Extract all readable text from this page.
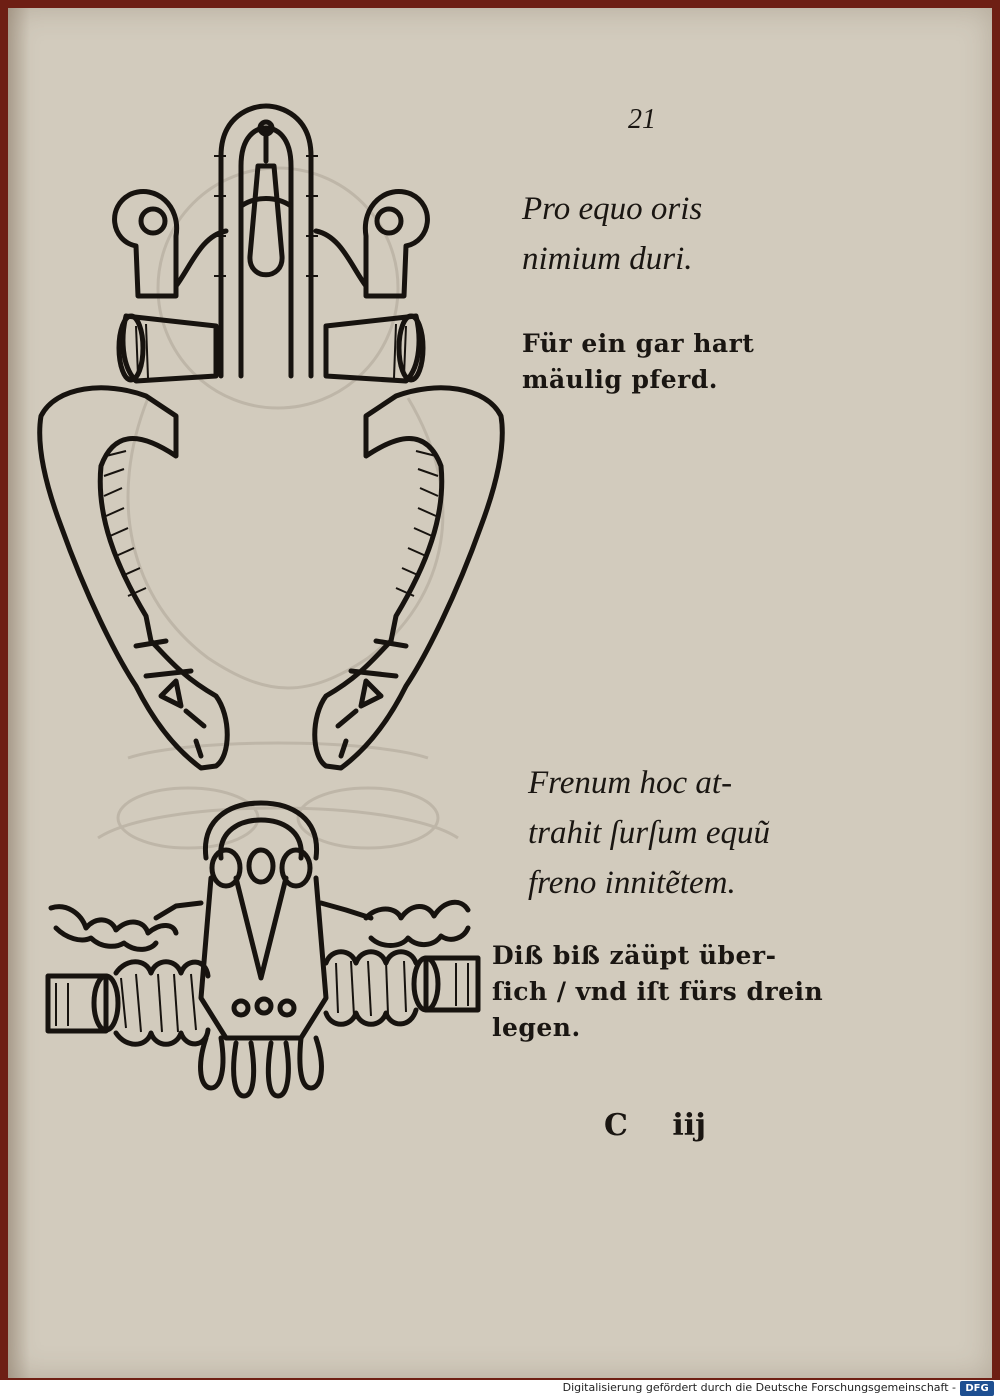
21
Pro equo oris
nimium duri.
Für ein gar hart
mäulig pferd.
Frenum hoc at-
trahit ſurſum equũ
freno innitẽtem.
Diß biß zäüpt über-
ſich / vnd iſt fürs drein
legen.
C iij
Digitalisierung gefördert durch die Deutsche Forschungsgemeinschaft - DFG
